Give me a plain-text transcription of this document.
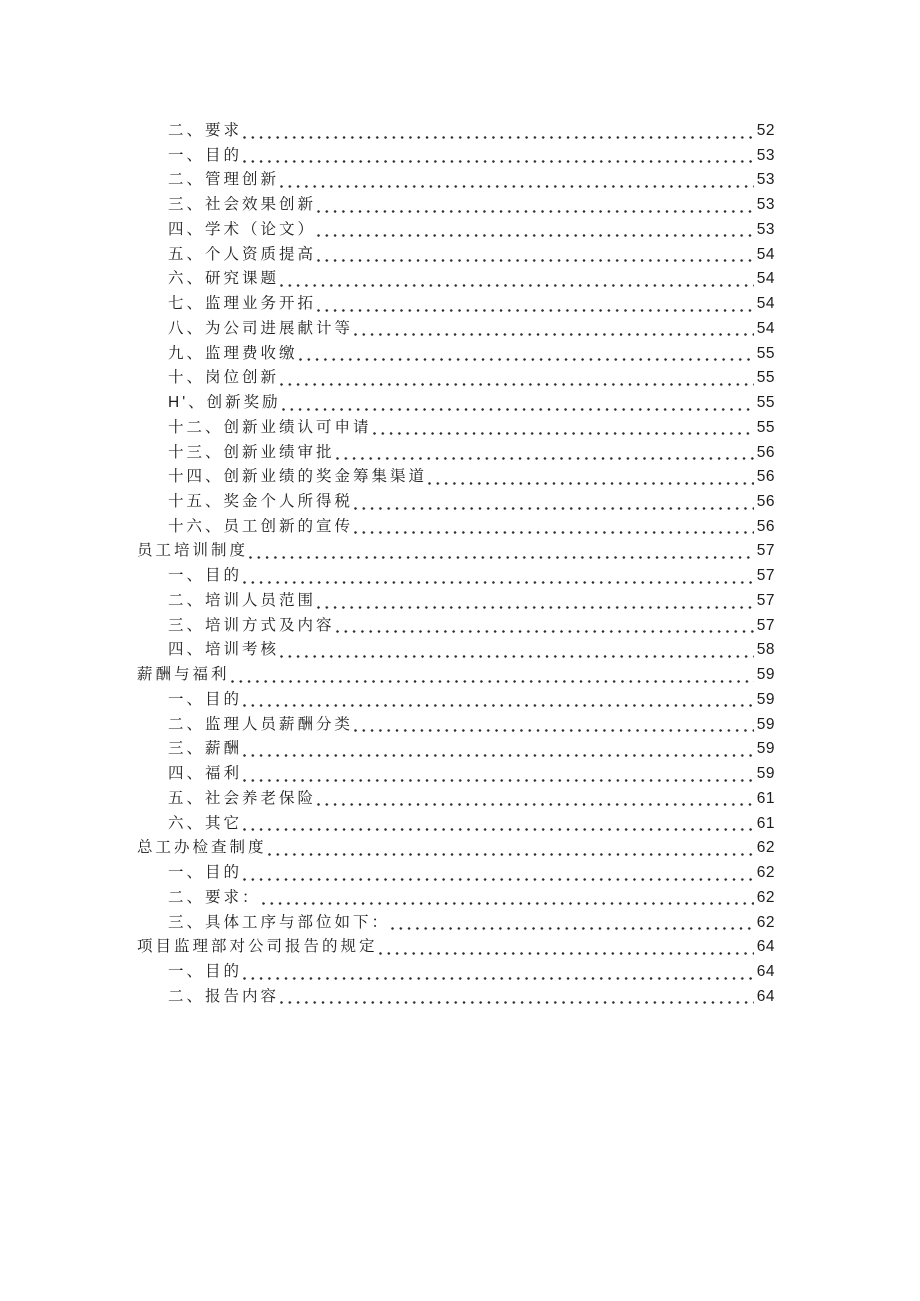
二、要求	52
一、目的	53
二、管理创新	53
三、社会效果创新	53
四、学术（论文）	53
五、个人资质提高	54
六、研究课题	54
七、监理业务开拓	54
八、为公司进展献计等	54
九、监理费收缴	55
十、岗位创新	55
H'、创新奖励	55
十二、创新业绩认可申请	55
十三、创新业绩审批	56
十四、创新业绩的奖金筹集渠道	56
十五、奖金个人所得税	56
十六、员工创新的宣传	56
员工培训制度	57
一、目的	57
二、培训人员范围	57
三、培训方式及内容	57
四、培训考核	58
薪酬与福利	59
一、目的	59
二、监理人员薪酬分类	59
三、薪酬	59
四、福利	59
五、社会养老保险	61
六、其它	61
总工办检查制度	62
一、目的	62
二、要求：	62
三、具体工序与部位如下：	62
项目监理部对公司报告的规定	64
一、目的	64
二、报告内容	64
